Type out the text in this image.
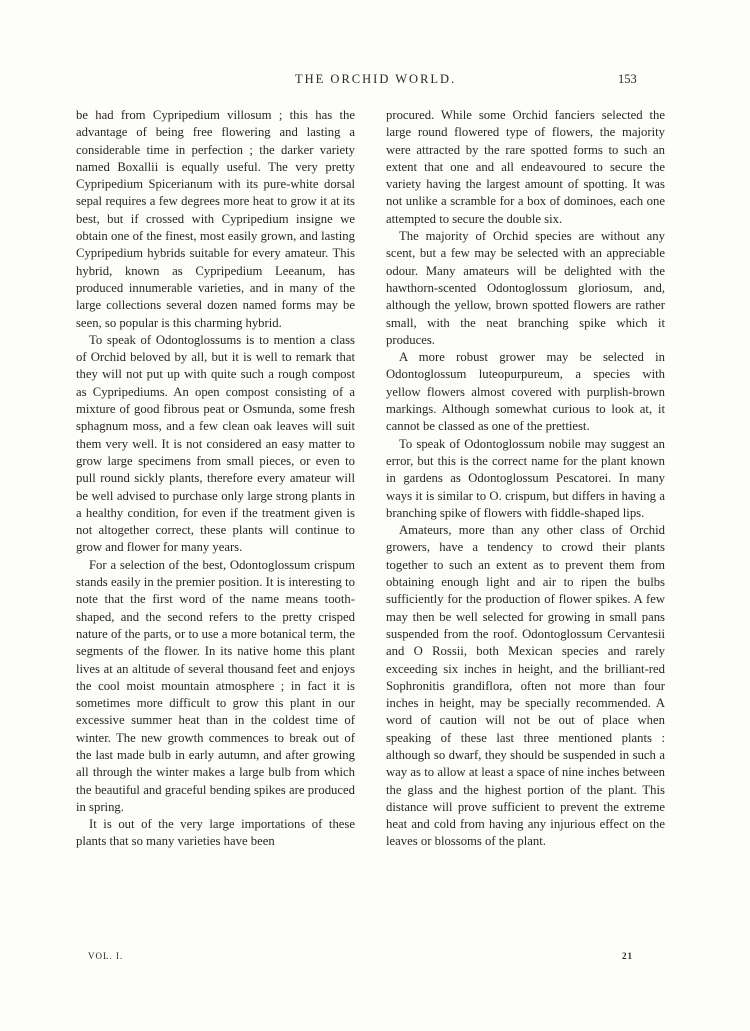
THE ORCHID WORLD.	153

be had from Cypripedium villosum ; this has the advantage of being free flowering and lasting a considerable time in perfection ; the darker variety named Boxallii is equally useful. The very pretty Cypripedium Spicerianum with its pure-white dorsal sepal requires a few degrees more heat to grow it at its best, but if crossed with Cypripedium insigne we obtain one of the finest, most easily grown, and lasting Cypripedium hybrids suitable for every amateur. This hybrid, known as Cypripedium Leeanum, has produced innumerable varieties, and in many of the large collections several dozen named forms may be seen, so popular is this charming hybrid.

To speak of Odontoglossums is to mention a class of Orchid beloved by all, but it is well to remark that they will not put up with quite such a rough compost as Cypripediums. An open compost consisting of a mixture of good fibrous peat or Osmunda, some fresh sphagnum moss, and a few clean oak leaves will suit them very well. It is not considered an easy matter to grow large specimens from small pieces, or even to pull round sickly plants, therefore every amateur will be well advised to purchase only large strong plants in a healthy condition, for even if the treatment given is not altogether correct, these plants will continue to grow and flower for many years.

For a selection of the best, Odontoglossum crispum stands easily in the premier position. It is interesting to note that the first word of the name means tooth-shaped, and the second refers to the pretty crisped nature of the parts, or to use a more botanical term, the segments of the flower. In its native home this plant lives at an altitude of several thousand feet and enjoys the cool moist mountain atmosphere ; in fact it is sometimes more difficult to grow this plant in our excessive summer heat than in the coldest time of winter. The new growth commences to break out of the last made bulb in early autumn, and after growing all through the winter makes a large bulb from which the beautiful and graceful bending spikes are produced in spring.

It is out of the very large importations of these plants that so many varieties have been

procured. While some Orchid fanciers selected the large round flowered type of flowers, the majority were attracted by the rare spotted forms to such an extent that one and all endeavoured to secure the variety having the largest amount of spotting. It was not unlike a scramble for a box of dominoes, each one attempted to secure the double six.

The majority of Orchid species are without any scent, but a few may be selected with an appreciable odour. Many amateurs will be delighted with the hawthorn-scented Odontoglossum gloriosum, and, although the yellow, brown spotted flowers are rather small, with the neat branching spike which it produces.

A more robust grower may be selected in Odontoglossum luteopurpureum, a species with yellow flowers almost covered with purplish-brown markings. Although somewhat curious to look at, it cannot be classed as one of the prettiest.

To speak of Odontoglossum nobile may suggest an error, but this is the correct name for the plant known in gardens as Odontoglossum Pescatorei. In many ways it is similar to O. crispum, but differs in having a branching spike of flowers with fiddle-shaped lips.

Amateurs, more than any other class of Orchid growers, have a tendency to crowd their plants together to such an extent as to prevent them from obtaining enough light and air to ripen the bulbs sufficiently for the production of flower spikes. A few may then be well selected for growing in small pans suspended from the roof. Odontoglossum Cervantesii and O Rossii, both Mexican species and rarely exceeding six inches in height, and the brilliant-red Sophronitis grandiflora, often not more than four inches in height, may be specially recommended. A word of caution will not be out of place when speaking of these last three mentioned plants : although so dwarf, they should be suspended in such a way as to allow at least a space of nine inches between the glass and the highest portion of the plant. This distance will prove sufficient to prevent the extreme heat and cold from having any injurious effect on the leaves or blossoms of the plant.

VOL. I.	21
